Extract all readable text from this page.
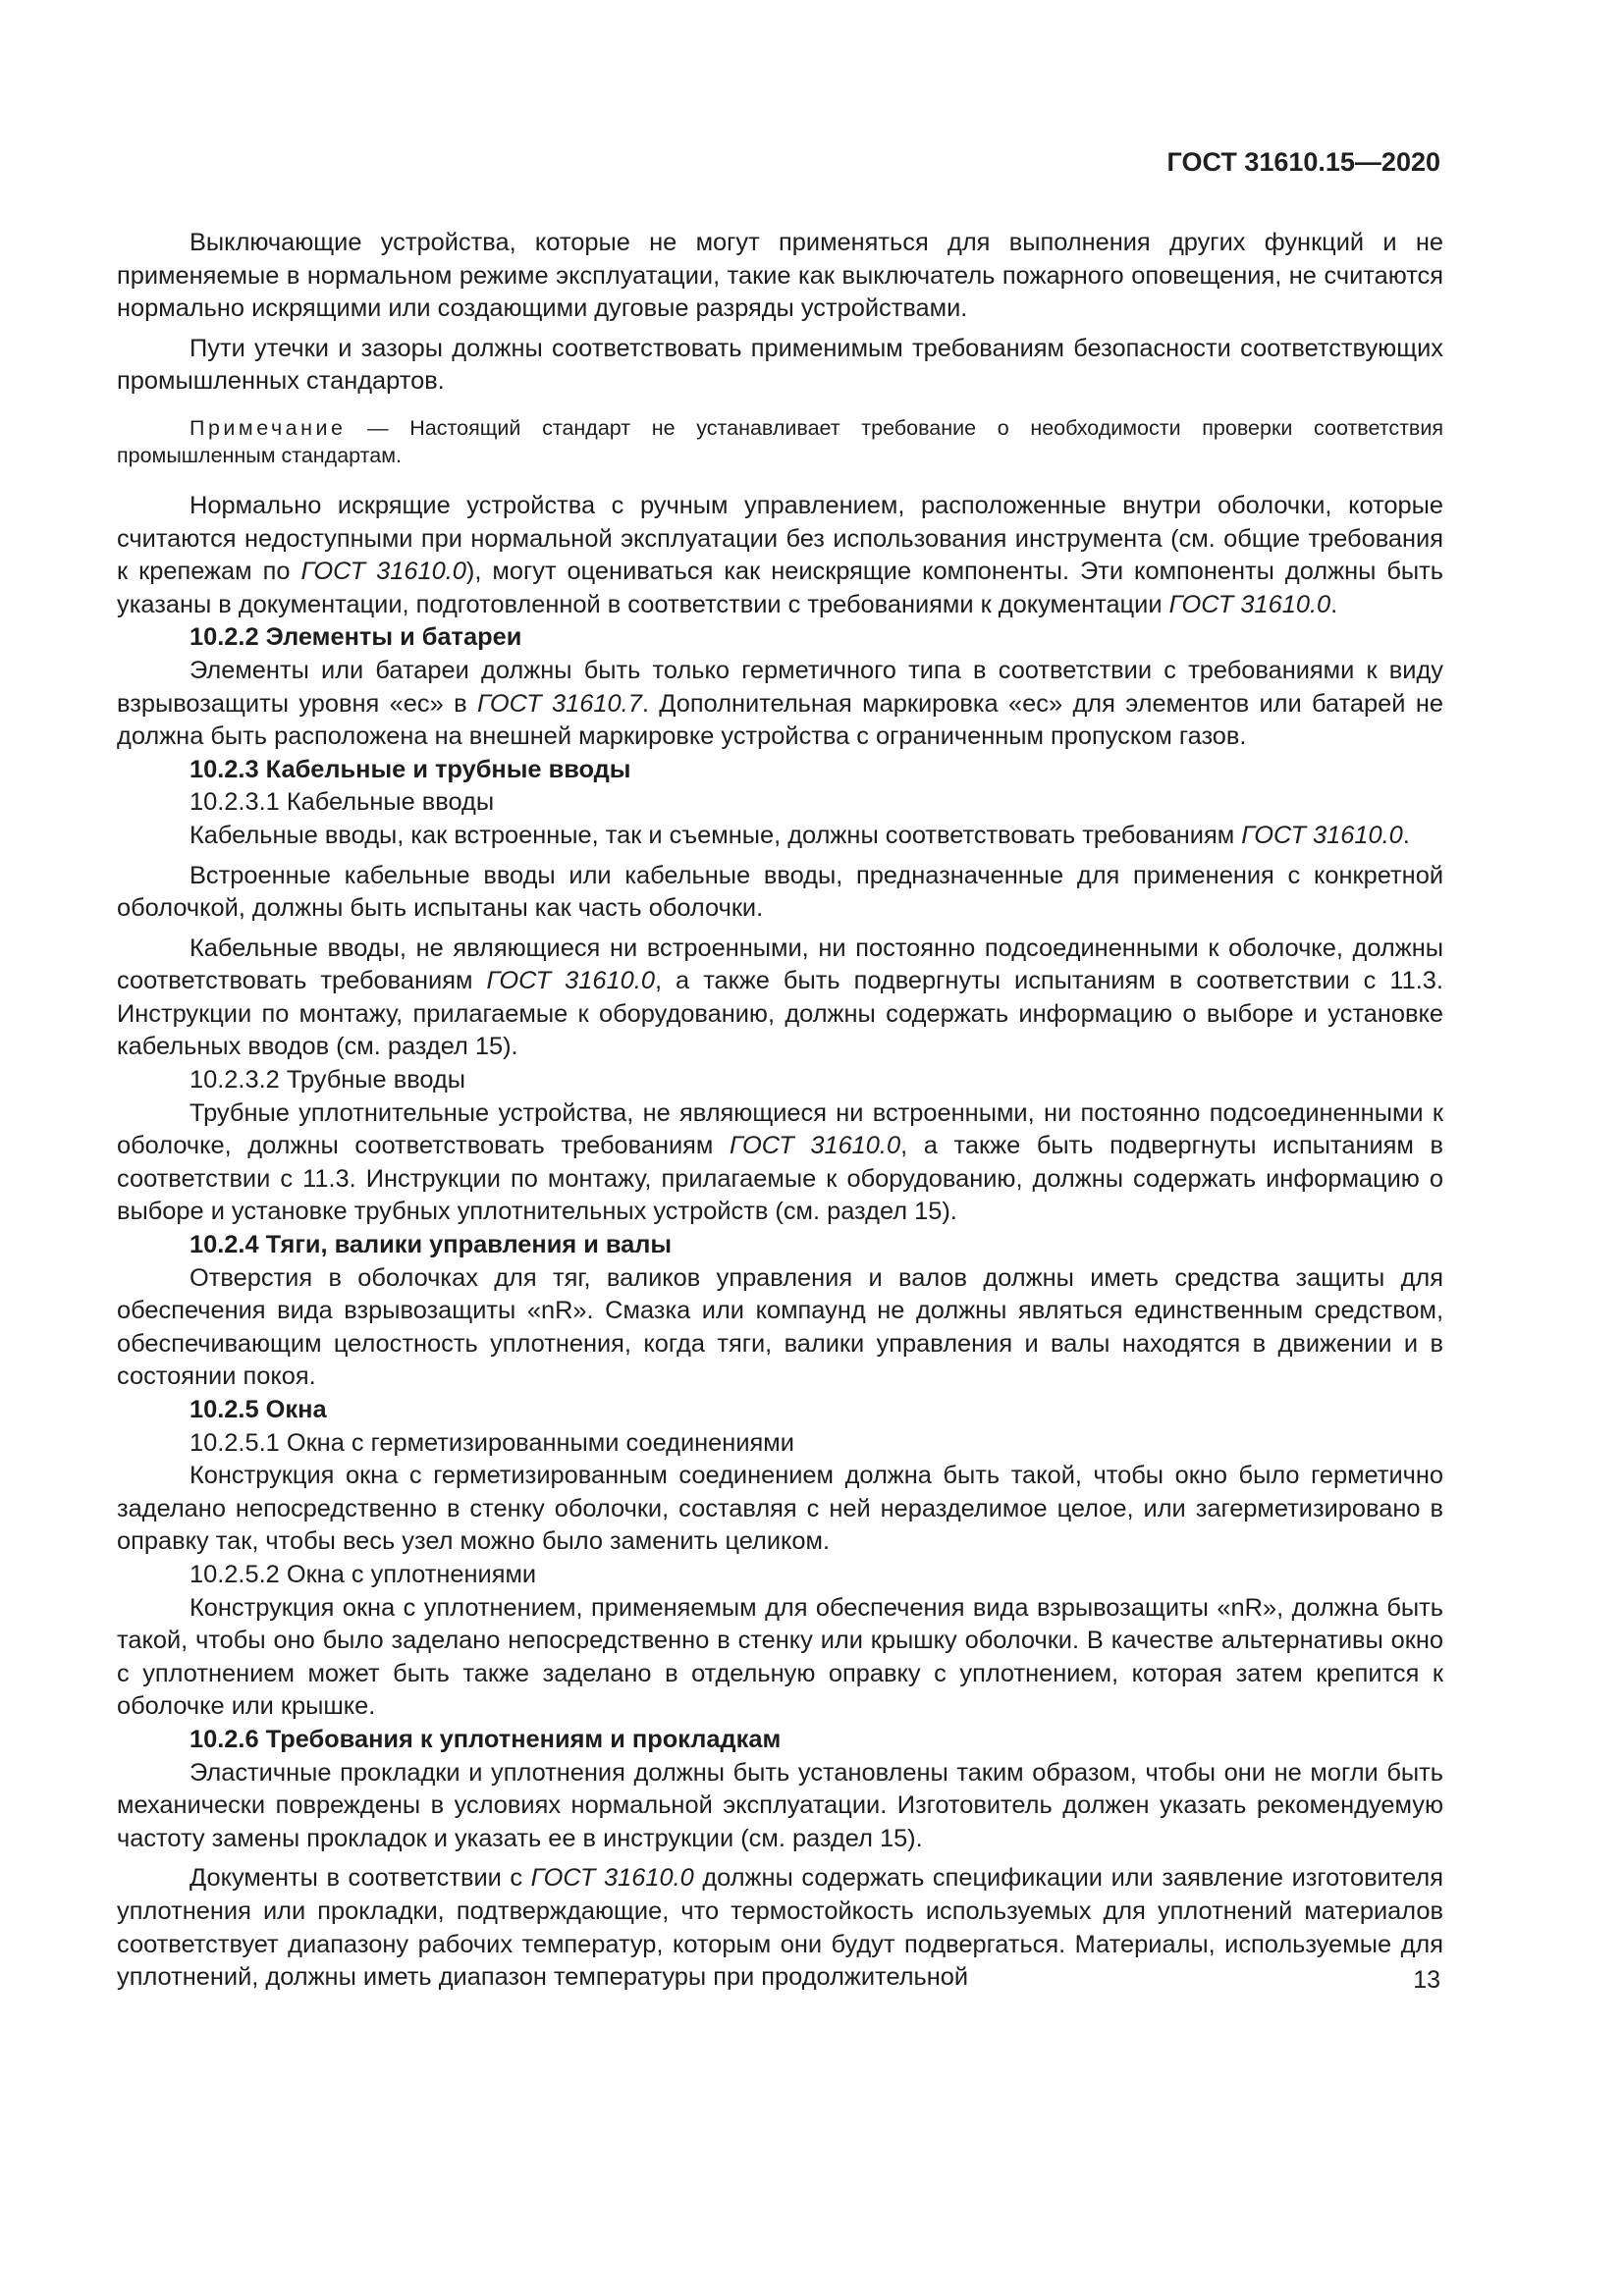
ГОСТ 31610.15—2020

Выключающие устройства, которые не могут применяться для выполнения других функций и не применяемые в нормальном режиме эксплуатации, такие как выключатель пожарного оповещения, не считаются нормально искрящими или создающими дуговые разряды устройствами.

Пути утечки и зазоры должны соответствовать применимым требованиям безопасности соответствующих промышленных стандартов.

Примечание — Настоящий стандарт не устанавливает требование о необходимости проверки соответствия промышленным стандартам.

Нормально искрящие устройства с ручным управлением, расположенные внутри оболочки, которые считаются недоступными при нормальной эксплуатации без использования инструмента (см. общие требования к крепежам по ГОСТ 31610.0), могут оцениваться как неискрящие компоненты. Эти компоненты должны быть указаны в документации, подготовленной в соответствии с требованиями к документации ГОСТ 31610.0.

10.2.2 Элементы и батареи

Элементы или батареи должны быть только герметичного типа в соответствии с требованиями к виду взрывозащиты уровня «ес» в ГОСТ 31610.7. Дополнительная маркировка «ес» для элементов или батарей не должна быть расположена на внешней маркировке устройства с ограниченным пропуском газов.

10.2.3 Кабельные и трубные вводы

10.2.3.1 Кабельные вводы

Кабельные вводы, как встроенные, так и съемные, должны соответствовать требованиям ГОСТ 31610.0.

Встроенные кабельные вводы или кабельные вводы, предназначенные для применения с конкретной оболочкой, должны быть испытаны как часть оболочки.

Кабельные вводы, не являющиеся ни встроенными, ни постоянно подсоединенными к оболочке, должны соответствовать требованиям ГОСТ 31610.0, а также быть подвергнуты испытаниям в соответствии с 11.3. Инструкции по монтажу, прилагаемые к оборудованию, должны содержать информацию о выборе и установке кабельных вводов (см. раздел 15).

10.2.3.2 Трубные вводы

Трубные уплотнительные устройства, не являющиеся ни встроенными, ни постоянно подсоединенными к оболочке, должны соответствовать требованиям ГОСТ 31610.0, а также быть подвергнуты испытаниям в соответствии с 11.3. Инструкции по монтажу, прилагаемые к оборудованию, должны содержать информацию о выборе и установке трубных уплотнительных устройств (см. раздел 15).

10.2.4 Тяги, валики управления и валы

Отверстия в оболочках для тяг, валиков управления и валов должны иметь средства защиты для обеспечения вида взрывозащиты «nR». Смазка или компаунд не должны являться единственным средством, обеспечивающим целостность уплотнения, когда тяги, валики управления и валы находятся в движении и в состоянии покоя.

10.2.5 Окна

10.2.5.1 Окна с герметизированными соединениями

Конструкция окна с герметизированным соединением должна быть такой, чтобы окно было герметично заделано непосредственно в стенку оболочки, составляя с ней неразделимое целое, или загерметизировано в оправку так, чтобы весь узел можно было заменить целиком.

10.2.5.2 Окна с уплотнениями

Конструкция окна с уплотнением, применяемым для обеспечения вида взрывозащиты «nR», должна быть такой, чтобы оно было заделано непосредственно в стенку или крышку оболочки. В качестве альтернативы окно с уплотнением может быть также заделано в отдельную оправку с уплотнением, которая затем крепится к оболочке или крышке.

10.2.6 Требования к уплотнениям и прокладкам

Эластичные прокладки и уплотнения должны быть установлены таким образом, чтобы они не могли быть механически повреждены в условиях нормальной эксплуатации. Изготовитель должен указать рекомендуемую частоту замены прокладок и указать ее в инструкции (см. раздел 15).

Документы в соответствии с ГОСТ 31610.0 должны содержать спецификации или заявление изготовителя уплотнения или прокладки, подтверждающие, что термостойкость используемых для уплотнений материалов соответствует диапазону рабочих температур, которым они будут подвергаться. Материалы, используемые для уплотнений, должны иметь диапазон температуры при продолжительной	13
